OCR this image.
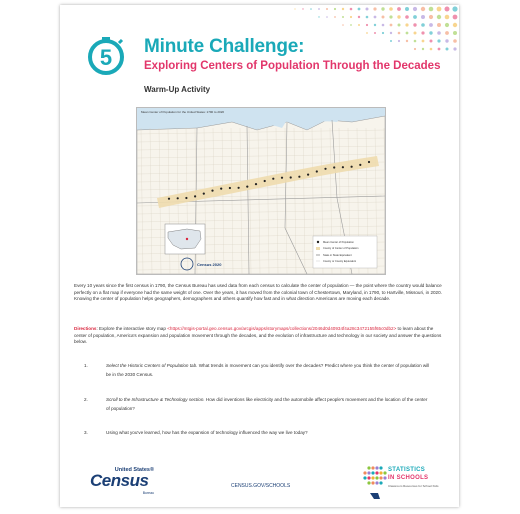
5 Minute Challenge:
Exploring Centers of Population Through the Decades
Warm-Up Activity
Census 2020
Mean Center of Population
County of Center of Population
State or State Equivalent
County or County Equivalent
Mean Center of Population for the United States: 1790 to 2020

Every 10 years since the first census in 1790, the Census Bureau has used data from each census to calculate the center of population — the point where the country would balance perfectly on a flat map if everyone had the same weight of one. Over the years, it has moved from the colonial town of Chestertown, Maryland, in 1790, to Hartville, Missouri, in 2020. Knowing the center of population helps geographers, demographers and others quantify how fast and in what direction Americans are moving each decade.

Directions: Explore the interactive story map <https://mtgis-portal.geo.census.gov/arcgis/apps/storymaps/collections/2046d0d40934f4a28c3472155f65c0db2> to learn about the center of population, America's expansion and population movement through the decades, and the evolution of infrastructure and technology in our society and answer the questions below.

1.	Select the Historic Centers of Population tab. What trends in movement can you identify over the decades? Predict where you think the center of population will be in the 2030 Census.
2.	Scroll to the Infrastructure & Technology section. How did inventions like electricity and the automobile affect people's movement and the location of the center of population?
3.	Using what you've learned, how has the expansion of technology influenced the way we live today?
United States®
Census
Bureau
CENSUS.GOV/SCHOOLS
STATISTICS
IN SCHOOLS
Classroom Resources for School Kids
